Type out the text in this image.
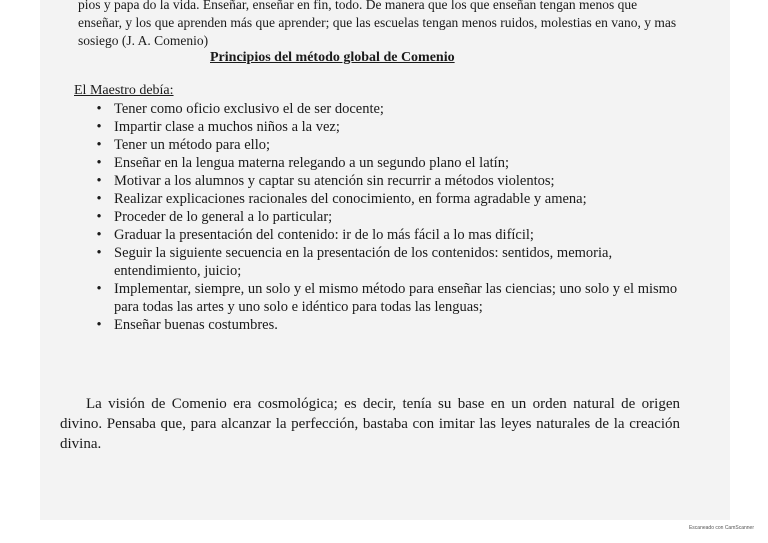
pios y papa do la vida. Enseñar, enseñar en fin, todo. De manera que los que enseñan tengan menos que enseñar, y los que aprenden más que aprender; que las escuelas tengan menos ruidos, molestias en vano, y mas sosiego (J. A. Comenio)

Principios del método global de Comenio

El Maestro debía:

• Tener como oficio exclusivo el de ser docente;
• Impartir clase a muchos niños a la vez;
• Tener un método para ello;
• Enseñar en la lengua materna relegando a un segundo plano el latín;
• Motivar a los alumnos y captar su atención sin recurrir a métodos violentos;
• Realizar explicaciones racionales del conocimiento, en forma agradable y amena;
• Proceder de lo general a lo particular;
• Graduar la presentación del contenido: ir de lo más fácil a lo mas difícil;
• Seguir la siguiente secuencia en la presentación de los contenidos: sentidos, memoria, entendimiento, juicio;
• Implementar, siempre, un solo y el mismo método para enseñar las ciencias; uno solo y el mismo para todas las artes y uno solo e idéntico para todas las lenguas;
• Enseñar buenas costumbres.

La visión de Comenio era cosmológica; es decir, tenía su base en un orden natural de origen divino. Pensaba que, para alcanzar la perfección, bastaba con imitar las leyes naturales de la creación divina.

Escaneado con CamScanner
